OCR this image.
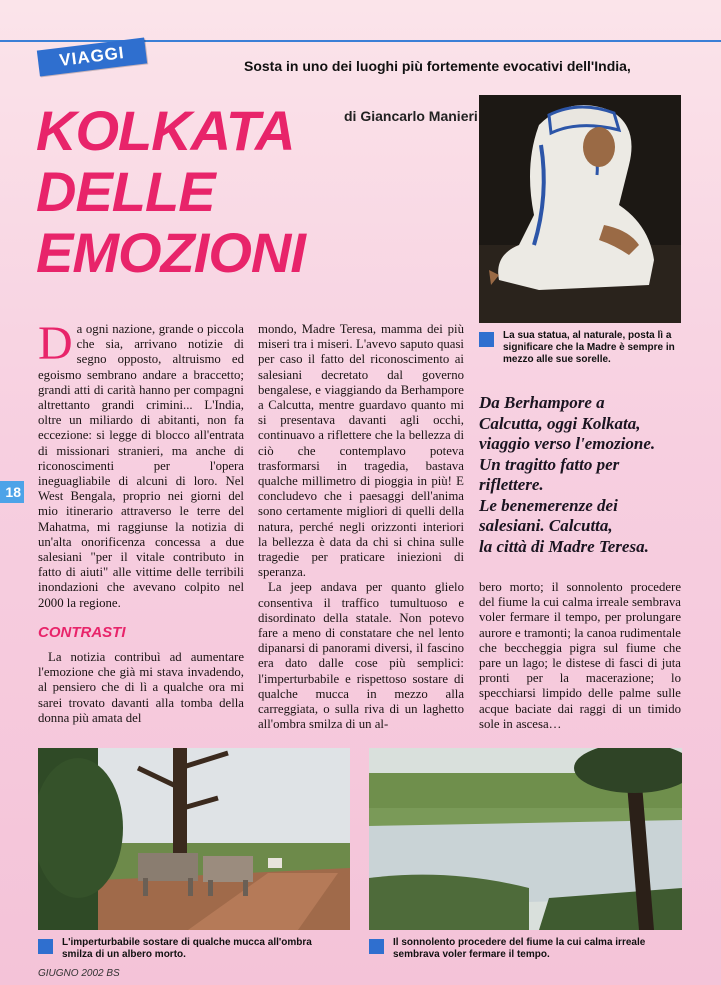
VIAGGI	Sosta in uno dei luoghi più fortemente evocativi dell'India,
KOLKATA
DELLE
EMOZIONI
di Giancarlo Manieri
La sua statua, al naturale, posta lì a significare che la Madre è sempre in mezzo alle sue sorelle.
Da Berhampore a
Calcutta, oggi Kolkata,
viaggio verso l'emozione.
Un tragitto fatto per
riflettere.
Le benemerenze dei
salesiani. Calcutta,
la città di Madre Teresa.
18
D a ogni nazione, grande o piccola che sia, arrivano notizie di segno opposto, altruismo ed egoismo sembrano andare a braccetto; grandi atti di carità hanno per compagni altrettanto grandi crimini... L'India, oltre un miliardo di abitanti, non fa eccezione: si legge di blocco all'entrata di missionari stranieri, ma anche di riconoscimenti per l'opera ineguagliabile di alcuni di loro. Nel West Bengala, proprio nei giorni del mio itinerario attraverso le terre del Mahatma, mi raggiunse la notizia di un'alta onorificenza concessa a due salesiani "per il vitale contributo in fatto di aiuti" alle vittime delle terribili inondazioni che avevano colpito nel 2000 la regione.

CONTRASTI

La notizia contribuì ad aumentare l'emozione che già mi stava invadendo, al pensiero che di lì a qualche ora mi sarei trovato davanti alla tomba della donna più amata del

mondo, Madre Teresa, mamma dei più miseri tra i miseri. L'avevo saputo quasi per caso il fatto del riconoscimento ai salesiani decretato dal governo bengalese, e viaggiando da Berhampore a Calcutta, mentre guardavo quanto mi si presentava davanti agli occhi, continuavo a riflettere che la bellezza di ciò che contemplavo poteva trasformarsi in tragedia, bastava qualche millimetro di pioggia in più! E concludevo che i paesaggi dell'anima sono certamente migliori di quelli della natura, perché negli orizzonti interiori la bellezza è data da chi si china sulle tragedie per praticare iniezioni di speranza.

La jeep andava per quanto glielo consentiva il traffico tumultuoso e disordinato della statale. Non potevo fare a meno di constatare che nel lento dipanarsi di panorami diversi, il fascino era dato dalle cose più semplici: l'imperturbabile e rispettoso sostare di qualche mucca in mezzo alla carreggiata, o sulla riva di un laghetto all'ombra smilza di un al-

bero morto; il sonnolento procedere del fiume la cui calma irreale sembrava voler fermare il tempo, per prolungare aurore e tramonti; la canoa rudimentale che beccheggia pigra sul fiume che pare un lago; le distese di fasci di juta pronti per la macerazione; lo specchiarsi limpido delle palme sulle acque baciate dai raggi di un timido sole in ascesa…

L'imperturbabile sostare di qualche mucca all'ombra smilza di un albero morto.
Il sonnolento procedere del fiume la cui calma irreale sembrava voler fermare il tempo.
GIUGNO 2002 BS
